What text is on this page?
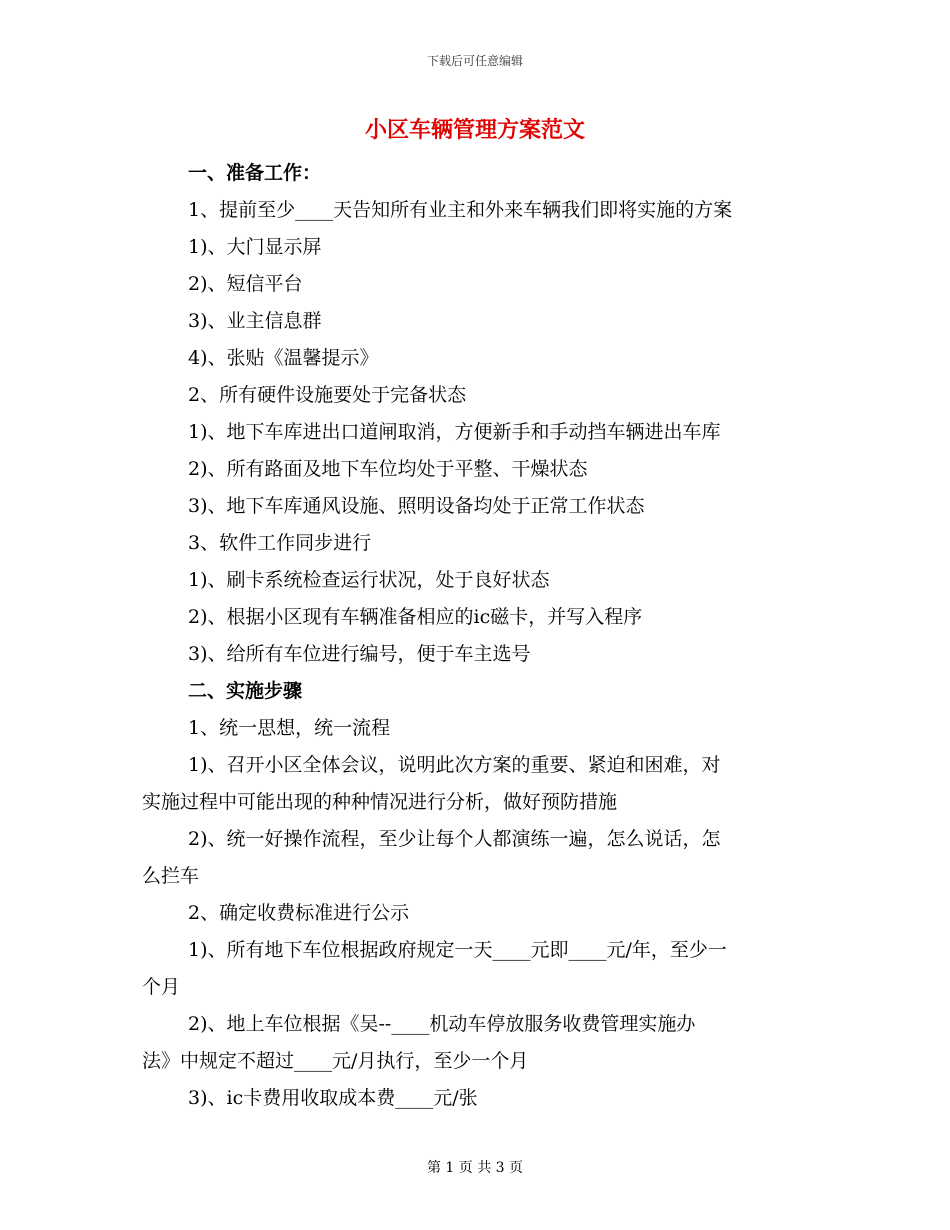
下载后可任意编辑
小区车辆管理方案范文
一、准备工作：
1、提前至少____天告知所有业主和外来车辆我们即将实施的方案
1)、大门显示屏
2)、短信平台
3)、业主信息群
4)、张贴《温馨提示》
2、所有硬件设施要处于完备状态
1)、地下车库进出口道闸取消，方便新手和手动挡车辆进出车库
2)、所有路面及地下车位均处于平整、干燥状态
3)、地下车库通风设施、照明设备均处于正常工作状态
3、软件工作同步进行
1)、刷卡系统检查运行状况，处于良好状态
2)、根据小区现有车辆准备相应的ic磁卡，并写入程序
3)、给所有车位进行编号，便于车主选号
二、实施步骤
1、统一思想，统一流程
1)、召开小区全体会议，说明此次方案的重要、紧迫和困难，对
实施过程中可能出现的种种情况进行分析，做好预防措施
2)、统一好操作流程，至少让每个人都演练一遍，怎么说话，怎
么拦车
2、确定收费标准进行公示
1)、所有地下车位根据政府规定一天____元即____元/年，至少一
个月
2)、地上车位根据《吴--____机动车停放服务收费管理实施办
法》中规定不超过____元/月执行，至少一个月
3)、ic卡费用收取成本费____元/张
第 1 页 共 3 页
